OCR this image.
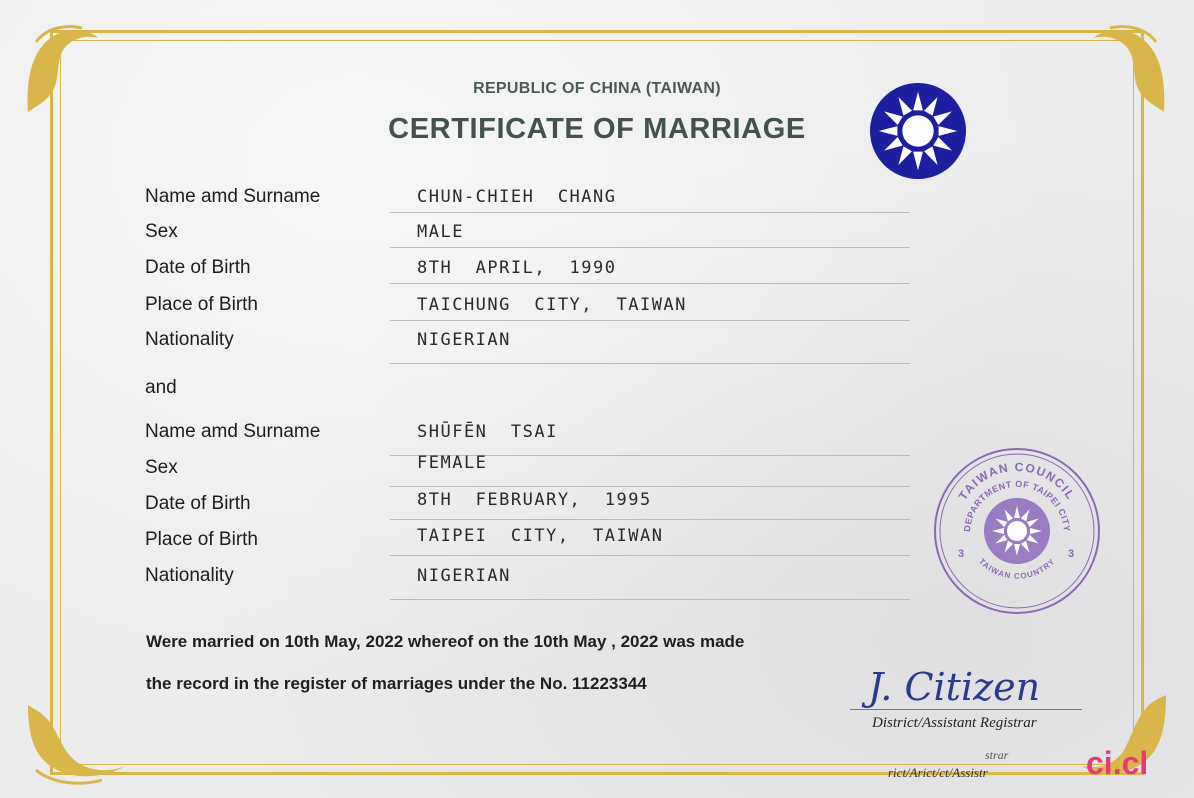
REPUBLIC OF CHINA (TAIWAN)
CERTIFICATE OF MARRIAGE
Name amd Surname	CHUN-CHIEH  CHANG
Sex	MALE
Date of Birth	8TH  APRIL,  1990
Place of Birth	TAICHUNG  CITY,  TAIWAN
Nationality	NIGERIAN
and
Name amd Surname	SHŪFĒN  TSAI
Sex	FEMALE
Date of Birth	8TH  FEBRUARY,  1995
Place of Birth	TAIPEI  CITY,  TAIWAN
Nationality	NIGERIAN
Were married on 10th May, 2022 whereof on the 10th May , 2022 was made
the record in the register of marriages under the No. 11223344
TAIWAN COUNCIL
DEPARTMENT OF TAIPEI CITY
TAIWAN COUNTRY
3	3
J. Citizen
District/Assistant Registrar
strar
rict/Arict/ct/Assistr	ci.cl
